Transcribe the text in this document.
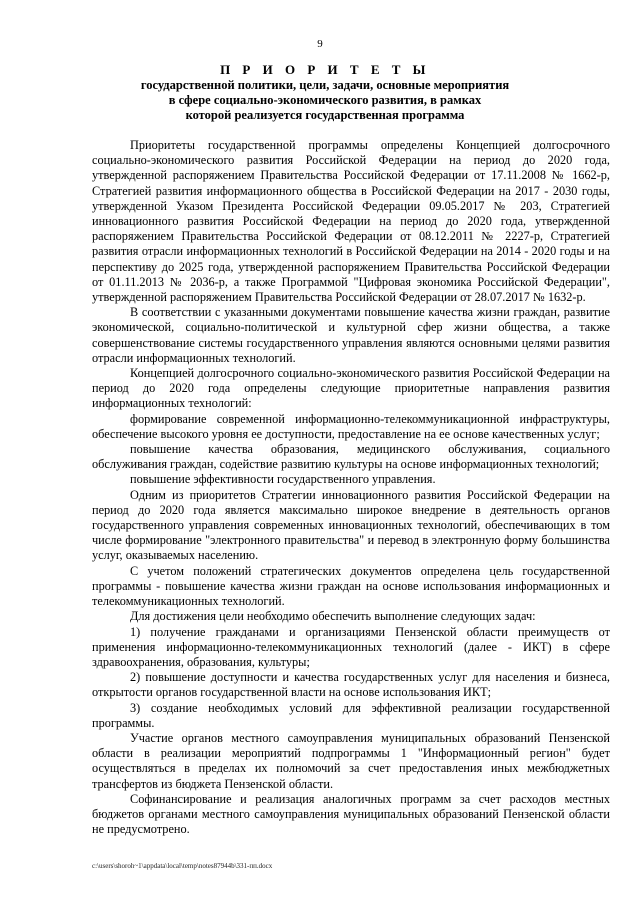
9
П Р И О Р И Т Е Т Ы
государственной политики, цели, задачи, основные мероприятия
в сфере социально-экономического развития, в рамках
которой реализуется государственная программа

Приоритеты государственной программы определены Концепцией долгосрочного социально-экономического развития Российской Федерации на период до 2020 года, утвержденной распоряжением Правительства Российской Федерации от 17.11.2008 № 1662-р, Стратегией развития информационного общества в Российской Федерации на 2017 - 2030 годы, утвержденной Указом Президента Российской Федерации 09.05.2017 № 203, Стратегией инновационного развития Российской Федерации на период до 2020 года, утвержденной распоряжением Правительства Российской Федерации от 08.12.2011 № 2227-р, Стратегией развития отрасли информационных технологий в Российской Федерации на 2014 - 2020 годы и на перспективу до 2025 года, утвержденной распоряжением Правительства Российской Федерации от 01.11.2013 № 2036-р, а также Программой "Цифровая экономика Российской Федерации", утвержденной распоряжением Правительства Российской Федерации от 28.07.2017 № 1632-р.

В соответствии с указанными документами повышение качества жизни граждан, развитие экономической, социально-политической и культурной сфер жизни общества, а также совершенствование системы государственного управления являются основными целями развития отрасли информационных технологий.

Концепцией долгосрочного социально-экономического развития Российской Федерации на период до 2020 года определены следующие приоритетные направления развития информационных технологий:

формирование современной информационно-телекоммуникационной инфраструктуры, обеспечение высокого уровня ее доступности, предоставление на ее основе качественных услуг;

повышение качества образования, медицинского обслуживания, социального обслуживания граждан, содействие развитию культуры на основе информационных технологий;

повышение эффективности государственного управления.

Одним из приоритетов Стратегии инновационного развития Российской Федерации на период до 2020 года является максимально широкое внедрение в деятельность органов государственного управления современных инновационных технологий, обеспечивающих в том числе формирование "электронного правительства" и перевод в электронную форму большинства услуг, оказываемых населению.

С учетом положений стратегических документов определена цель государственной программы - повышение качества жизни граждан на основе использования информационных и телекоммуникационных технологий.

Для достижения цели необходимо обеспечить выполнение следующих задач:

1) получение гражданами и организациями Пензенской области преимуществ от применения информационно-телекоммуникационных технологий (далее - ИКТ) в сфере здравоохранения, образования, культуры;

2) повышение доступности и качества государственных услуг для населения и бизнеса, открытости органов государственной власти на основе использования ИКТ;

3) создание необходимых условий для эффективной реализации государственной программы.

Участие органов местного самоуправления муниципальных образований Пензенской области в реализации мероприятий подпрограммы 1 "Информационный регион" будет осуществляться в пределах их полномочий за счет предоставления иных межбюджетных трансфертов из бюджета Пензенской области.

Софинансирование и реализация аналогичных программ за счет расходов местных бюджетов органами местного самоуправления муниципальных образований Пензенской области не предусмотрено.

c:\users\shoroh~1\appdata\local\temp\notes87944b\331-пп.docx
